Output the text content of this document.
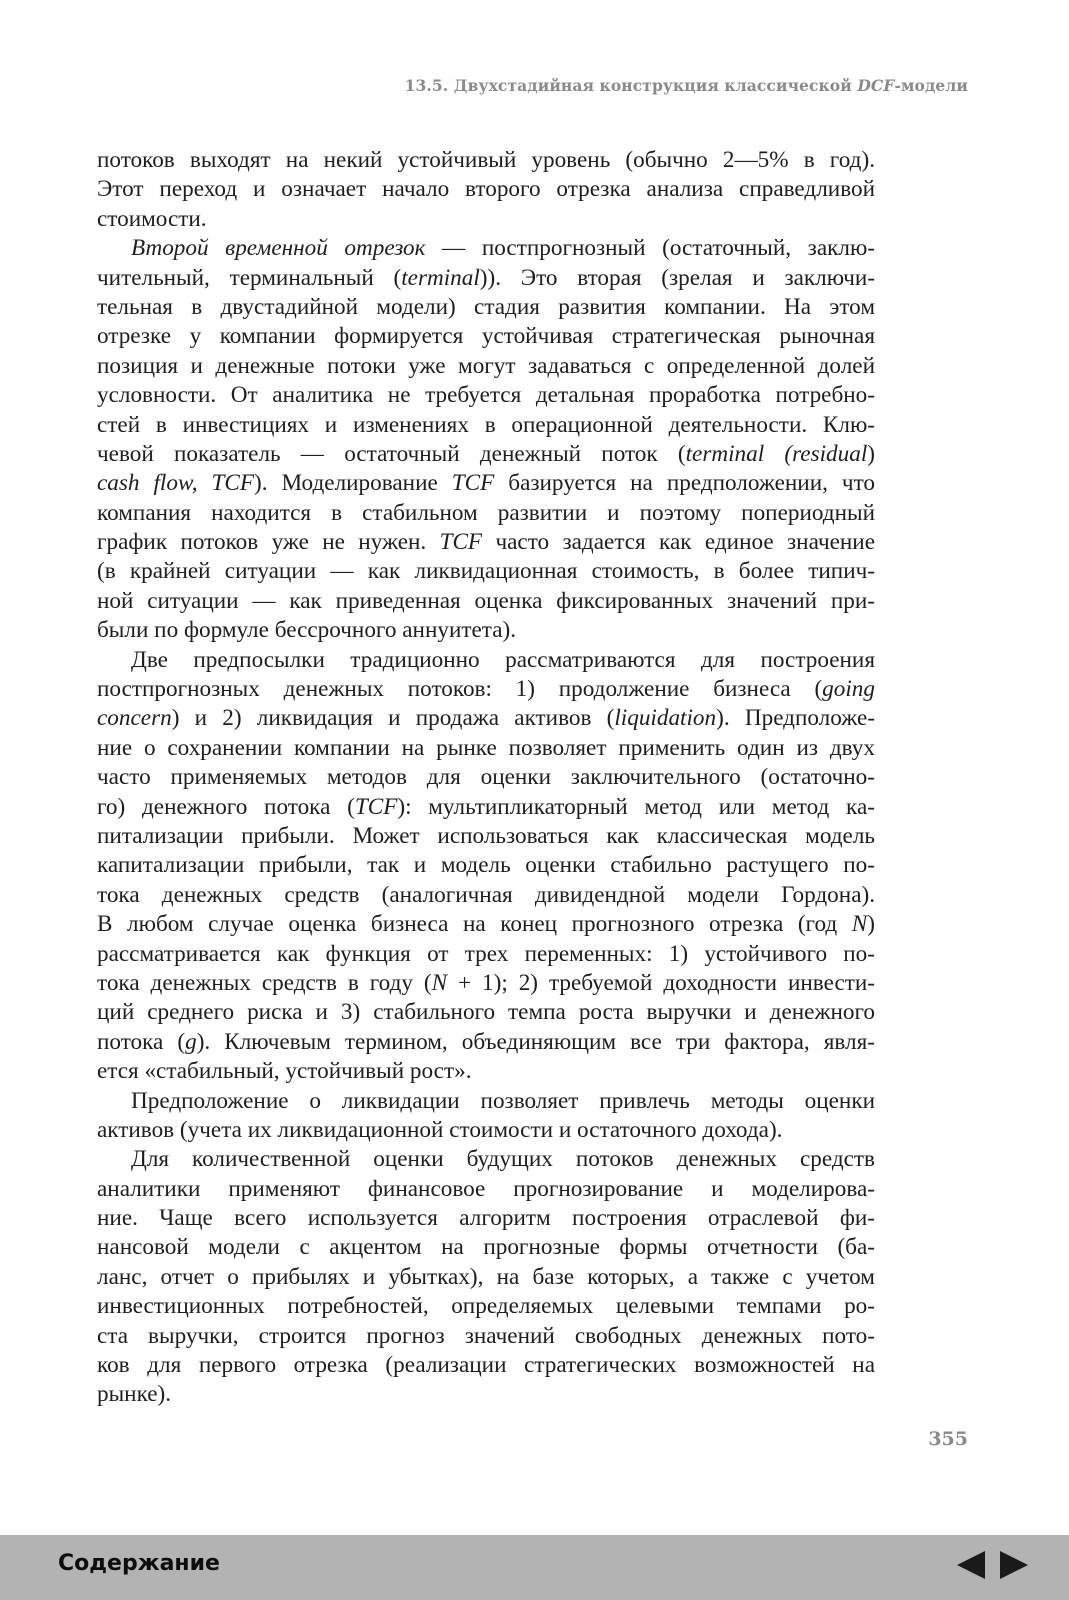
13.5. Двухстадийная конструкция классической DCF-модели
потоков выходят на некий устойчивый уровень (обычно 2—5% в год).
Этот переход и означает начало второго отрезка анализа справедливой
стоимости.
Второй временной отрезок — постпрогнозный (остаточный, заклю-
чительный, терминальный (terminal)). Это вторая (зрелая и заключи-
тельная в двустадийной модели) стадия развития компании. На этом
отрезке у компании формируется устойчивая стратегическая рыночная
позиция и денежные потоки уже могут задаваться с определенной долей
условности. От аналитика не требуется детальная проработка потребно-
стей в инвестициях и изменениях в операционной деятельности. Клю-
чевой показатель — остаточный денежный поток (terminal (residual)
cash flow, TCF). Моделирование TCF базируется на предположении, что
компания находится в стабильном развитии и поэтому попериодный
график потоков уже не нужен. TCF часто задается как единое значение
(в крайней ситуации — как ликвидационная стоимость, в более типич-
ной ситуации — как приведенная оценка фиксированных значений при-
были по формуле бессрочного аннуитета).
Две предпосылки традиционно рассматриваются для построения
постпрогнозных денежных потоков: 1) продолжение бизнеса (going
concern) и 2) ликвидация и продажа активов (liquidation). Предположе-
ние о сохранении компании на рынке позволяет применить один из двух
часто применяемых методов для оценки заключительного (остаточно-
го) денежного потока (TCF): мультипликаторный метод или метод ка-
питализации прибыли. Может использоваться как классическая модель
капитализации прибыли, так и модель оценки стабильно растущего по-
тока денежных средств (аналогичная дивидендной модели Гордона).
В любом случае оценка бизнеса на конец прогнозного отрезка (год N)
рассматривается как функция от трех переменных: 1) устойчивого по-
тока денежных средств в году (N + 1); 2) требуемой доходности инвести-
ций среднего риска и 3) стабильного темпа роста выручки и денежного
потока (g). Ключевым термином, объединяющим все три фактора, явля-
ется «стабильный, устойчивый рост».
Предположение о ликвидации позволяет привлечь методы оценки
активов (учета их ликвидационной стоимости и остаточного дохода).
Для количественной оценки будущих потоков денежных средств
аналитики применяют финансовое прогнозирование и моделирова-
ние. Чаще всего используется алгоритм построения отраслевой фи-
нансовой модели с акцентом на прогнозные формы отчетности (ба-
ланс, отчет о прибылях и убытках), на базе которых, а также с учетом
инвестиционных потребностей, определяемых целевыми темпами ро-
ста выручки, строится прогноз значений свободных денежных пото-
ков для первого отрезка (реализации стратегических возможностей на
рынке).
355
Содержание
